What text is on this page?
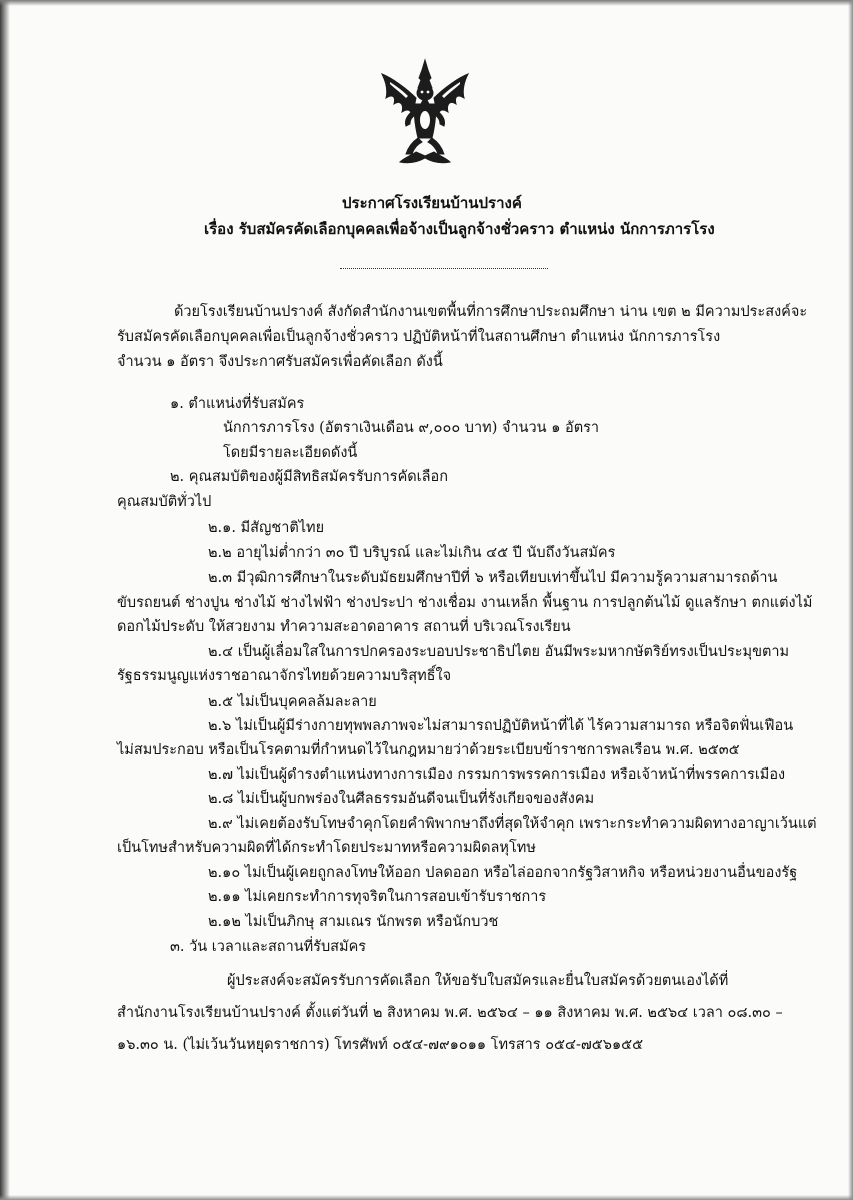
ประกาศโรงเรียนบ้านปรางค์
เรื่อง รับสมัครคัดเลือกบุคคลเพื่อจ้างเป็นลูกจ้างชั่วคราว ตำแหน่ง นักการภารโรง
ด้วยโรงเรียนบ้านปรางค์ สังกัดสำนักงานเขตพื้นที่การศึกษาประถมศึกษา น่าน เขต ๒ มีความประสงค์จะ
รับสมัครคัดเลือกบุคคลเพื่อเป็นลูกจ้างชั่วคราว ปฏิบัติหน้าที่ในสถานศึกษา ตำแหน่ง นักการภารโรง
จำนวน ๑ อัตรา จึงประกาศรับสมัครเพื่อคัดเลือก ดังนี้
๑. ตำแหน่งที่รับสมัคร
นักการภารโรง (อัตราเงินเดือน ๙,๐๐๐ บาท) จำนวน ๑ อัตรา
โดยมีรายละเอียดดังนี้
๒. คุณสมบัติของผู้มีสิทธิสมัครรับการคัดเลือก
คุณสมบัติทั่วไป
๒.๑. มีสัญชาติไทย
๒.๒ อายุไม่ต่ำกว่า ๓๐ ปี บริบูรณ์ และไม่เกิน ๔๕ ปี นับถึงวันสมัคร
๒.๓ มีวุฒิการศึกษาในระดับมัธยมศึกษาปีที่ ๖ หรือเทียบเท่าขึ้นไป มีความรู้ความสามารถด้าน
ขับรถยนต์ ช่างปูน ช่างไม้ ช่างไฟฟ้า ช่างประปา ช่างเชื่อม งานเหล็ก พื้นฐาน การปลูกต้นไม้ ดูแลรักษา ตกแต่งไม้
ดอกไม้ประดับ ให้สวยงาม ทำความสะอาดอาคาร สถานที่ บริเวณโรงเรียน
๒.๔ เป็นผู้เลื่อมใสในการปกครองระบอบประชาธิปไตย อันมีพระมหากษัตริย์ทรงเป็นประมุขตาม
รัฐธรรมนูญแห่งราชอาณาจักรไทยด้วยความบริสุทธิ์ใจ
๒.๕ ไม่เป็นบุคคลล้มละลาย
๒.๖ ไม่เป็นผู้มีร่างกายทุพพลภาพจะไม่สามารถปฏิบัติหน้าที่ได้ ไร้ความสามารถ หรือจิตฟั่นเฟือน
ไม่สมประกอบ หรือเป็นโรคตามที่กำหนดไว้ในกฎหมายว่าด้วยระเบียบข้าราชการพลเรือน พ.ศ. ๒๕๓๕
๒.๗ ไม่เป็นผู้ดำรงตำแหน่งทางการเมือง กรรมการพรรคการเมือง หรือเจ้าหน้าที่พรรคการเมือง
๒.๘ ไม่เป็นผู้บกพร่องในศีลธรรมอันดีจนเป็นที่รังเกียจของสังคม
๒.๙ ไม่เคยต้องรับโทษจำคุกโดยคำพิพากษาถึงที่สุดให้จำคุก เพราะกระทำความผิดทางอาญาเว้นแต่
เป็นโทษสำหรับความผิดที่ได้กระทำโดยประมาทหรือความผิดลหุโทษ
๒.๑๐ ไม่เป็นผู้เคยถูกลงโทษให้ออก ปลดออก หรือไล่ออกจากรัฐวิสาหกิจ หรือหน่วยงานอื่นของรัฐ
๒.๑๑ ไม่เคยกระทำการทุจริตในการสอบเข้ารับราชการ
๒.๑๒ ไม่เป็นภิกษุ สามเณร นักพรต หรือนักบวช
๓. วัน เวลาและสถานที่รับสมัคร
ผู้ประสงค์จะสมัครรับการคัดเลือก ให้ขอรับใบสมัครและยื่นใบสมัครด้วยตนเองได้ที่
สำนักงานโรงเรียนบ้านปรางค์ ตั้งแต่วันที่ ๒ สิงหาคม พ.ศ. ๒๕๖๔ – ๑๑ สิงหาคม พ.ศ. ๒๕๖๔ เวลา ๐๘.๓๐ –
๑๖.๓๐ น. (ไม่เว้นวันหยุดราชการ) โทรศัพท์ ๐๕๔-๗๙๑๐๑๑ โทรสาร ๐๕๔-๗๕๖๑๕๕
